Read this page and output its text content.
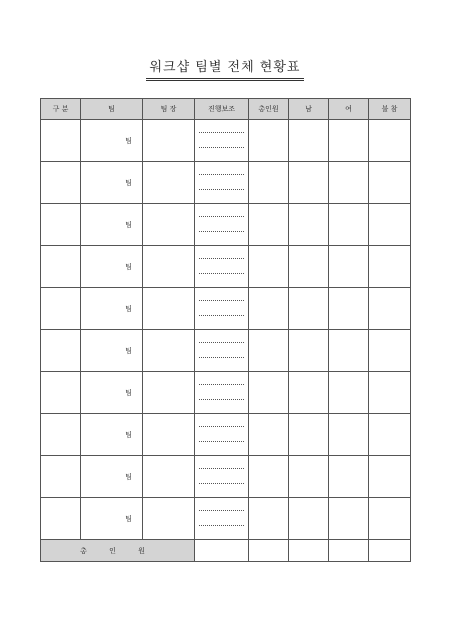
워크샵 팀별 전체 현황표
구 분	팀	팀 장	진행보조	총인원	남	여	불 참
	팀		

	팀		

	팀		

	팀		

	팀		

	팀		

	팀		

	팀		

	팀		

	팀		

총 인 원							
